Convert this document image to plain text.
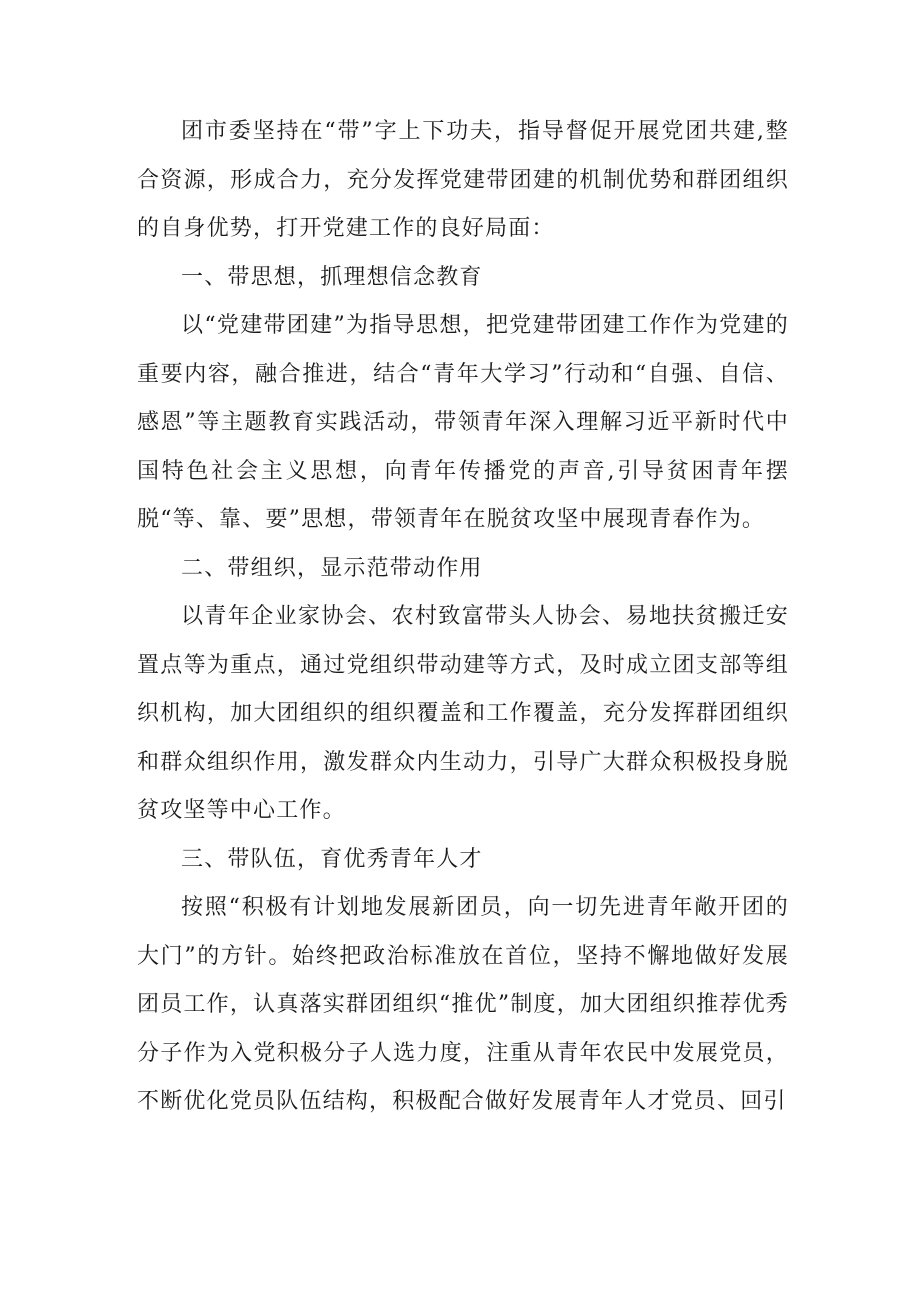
团市委坚持在“带”字上下功夫，指导督促开展党团共建,整合资源，形成合力，充分发挥党建带团建的机制优势和群团组织的自身优势，打开党建工作的良好局面：

一、带思想，抓理想信念教育

以“党建带团建”为指导思想，把党建带团建工作作为党建的重要内容，融合推进，结合“青年大学习”行动和“自强、自信、感恩”等主题教育实践活动，带领青年深入理解习近平新时代中国特色社会主义思想，向青年传播党的声音,引导贫困青年摆脱“等、靠、要”思想，带领青年在脱贫攻坚中展现青春作为。

二、带组织，显示范带动作用

以青年企业家协会、农村致富带头人协会、易地扶贫搬迁安置点等为重点，通过党组织带动建等方式，及时成立团支部等组织机构，加大团组织的组织覆盖和工作覆盖，充分发挥群团组织和群众组织作用，激发群众内生动力，引导广大群众积极投身脱贫攻坚等中心工作。

三、带队伍，育优秀青年人才

按照“积极有计划地发展新团员，向一切先进青年敞开团的大门”的方针。始终把政治标准放在首位，坚持不懈地做好发展团员工作，认真落实群团组织“推优”制度，加大团组织推荐优秀分子作为入党积极分子人选力度，注重从青年农民中发展党员，不断优化党员队伍结构，积极配合做好发展青年人才党员、回引
